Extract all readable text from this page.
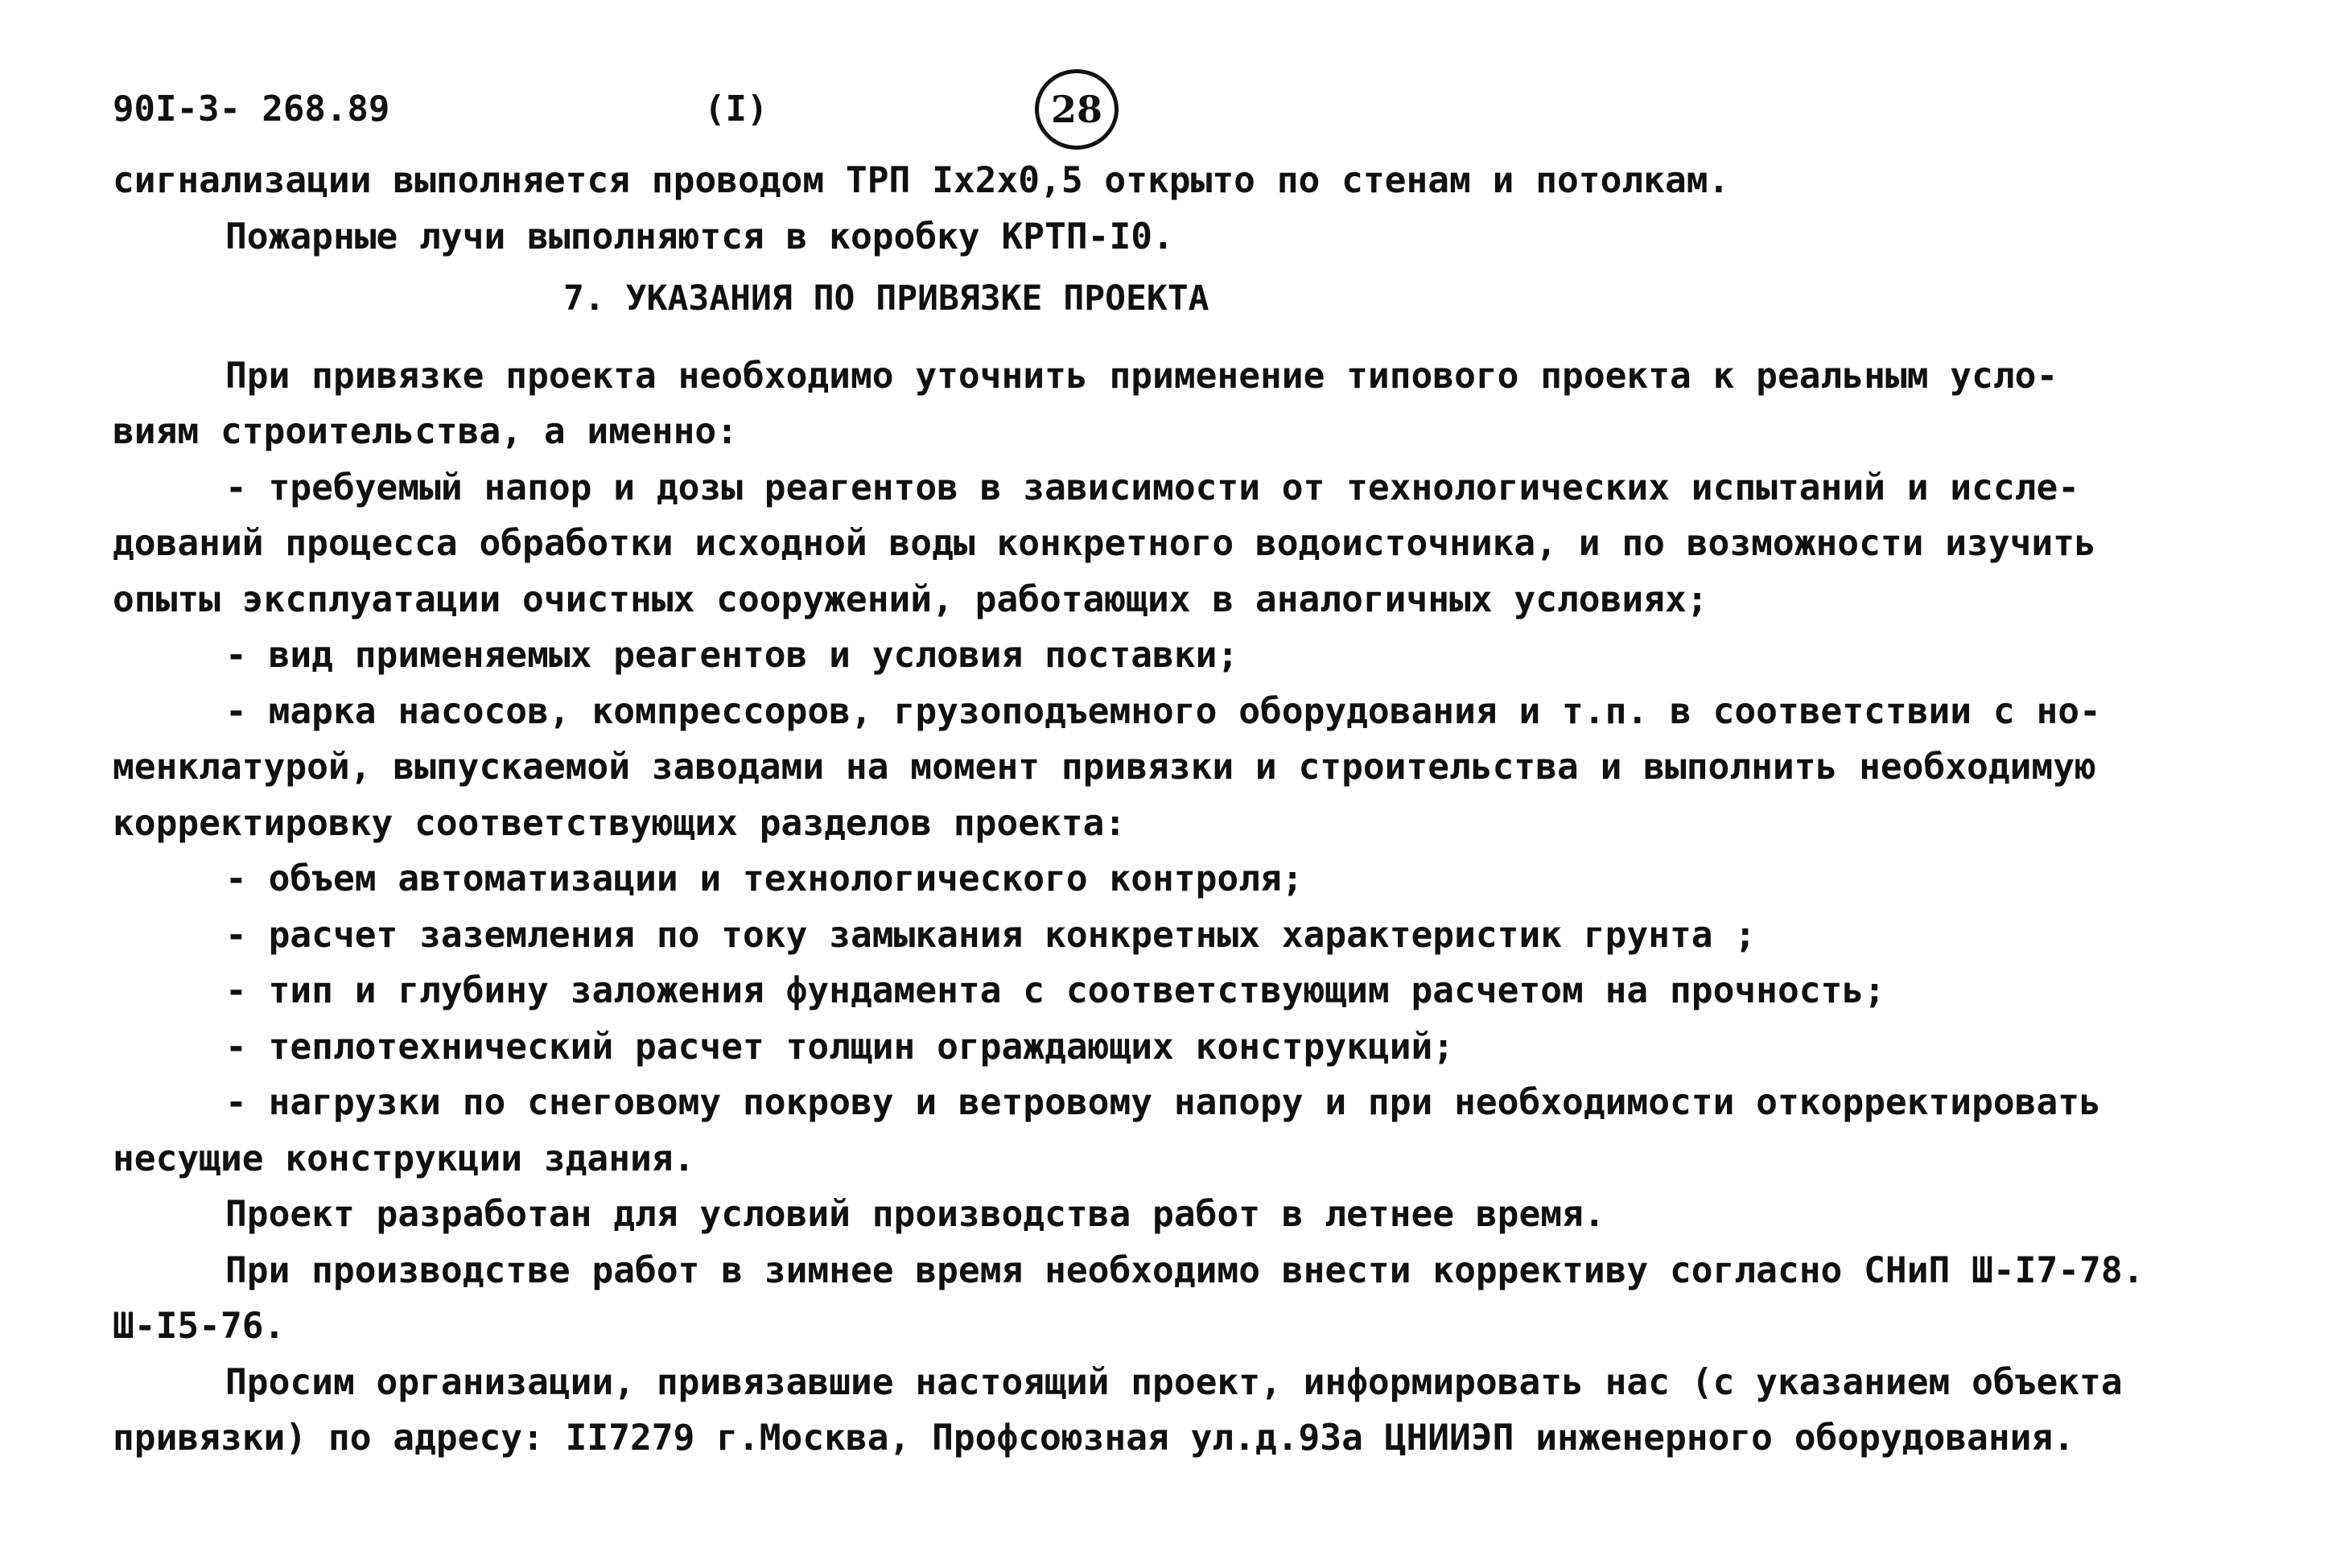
90I-3- 268.89	(I)	28
сигнализации выполняется проводом ТРП Iх2х0,5 открыто по стенам и потолкам.
Пожарные лучи выполняются в коробку КРТП-I0.
7. УКАЗАНИЯ ПО ПРИВЯЗКЕ ПРОЕКТА
При привязке проекта необходимо уточнить применение типового проекта к реальным усло-
виям строительства, а именно:
- требуемый напор и дозы реагентов в зависимости от технологических испытаний и иссле-
дований процесса обработки исходной воды конкретного водоисточника, и по возможности изучить
опыты эксплуатации очистных сооружений, работающих в аналогичных условиях;
- вид применяемых реагентов и условия поставки;
- марка насосов, компрессоров, грузоподъемного оборудования и т.п. в соответствии с но-
менклатурой, выпускаемой заводами на момент привязки и строительства и выполнить необходимую
корректировку соответствующих разделов проекта:
- объем автоматизации и технологического контроля;
- расчет заземления по току замыкания конкретных характеристик грунта ;
- тип и глубину заложения фундамента с соответствующим расчетом на прочность;
- теплотехнический расчет толщин ограждающих конструкций;
- нагрузки по снеговому покрову и ветровому напору и при необходимости откорректировать
несущие конструкции здания.
Проект разработан для условий производства работ в летнее время.
При производстве работ в зимнее время необходимо внести коррективу согласно СНиП Ш-I7-78.
Ш-I5-76.
Просим организации, привязавшие настоящий проект, информировать нас (с указанием объекта
привязки) по адресу: II7279 г.Москва, Профсоюзная ул.д.93а ЦНИИЭП инженерного оборудования.
